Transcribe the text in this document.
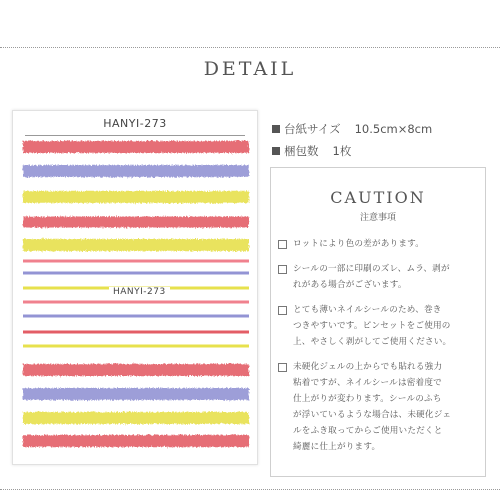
DETAIL
HANYI-273
HANYI-273
台紙サイズ 10.5cm×8cm
梱包数 1枚
CAUTION
注意事項
ロットにより色の差があります。
シールの一部に印刷のズレ、ムラ、剥が
れがある場合がございます。
とても薄いネイルシールのため、巻き
つきやすいです。ピンセットをご使用の
上、やさしく剥がしてご使用ください。
未硬化ジェルの上からでも貼れる強力
粘着ですが、ネイルシールは密着度で
仕上がりが変わります。シールのふち
が浮いているような場合は、未硬化ジェ
ルをふき取ってからご使用いただくと
綺麗に仕上がります。
